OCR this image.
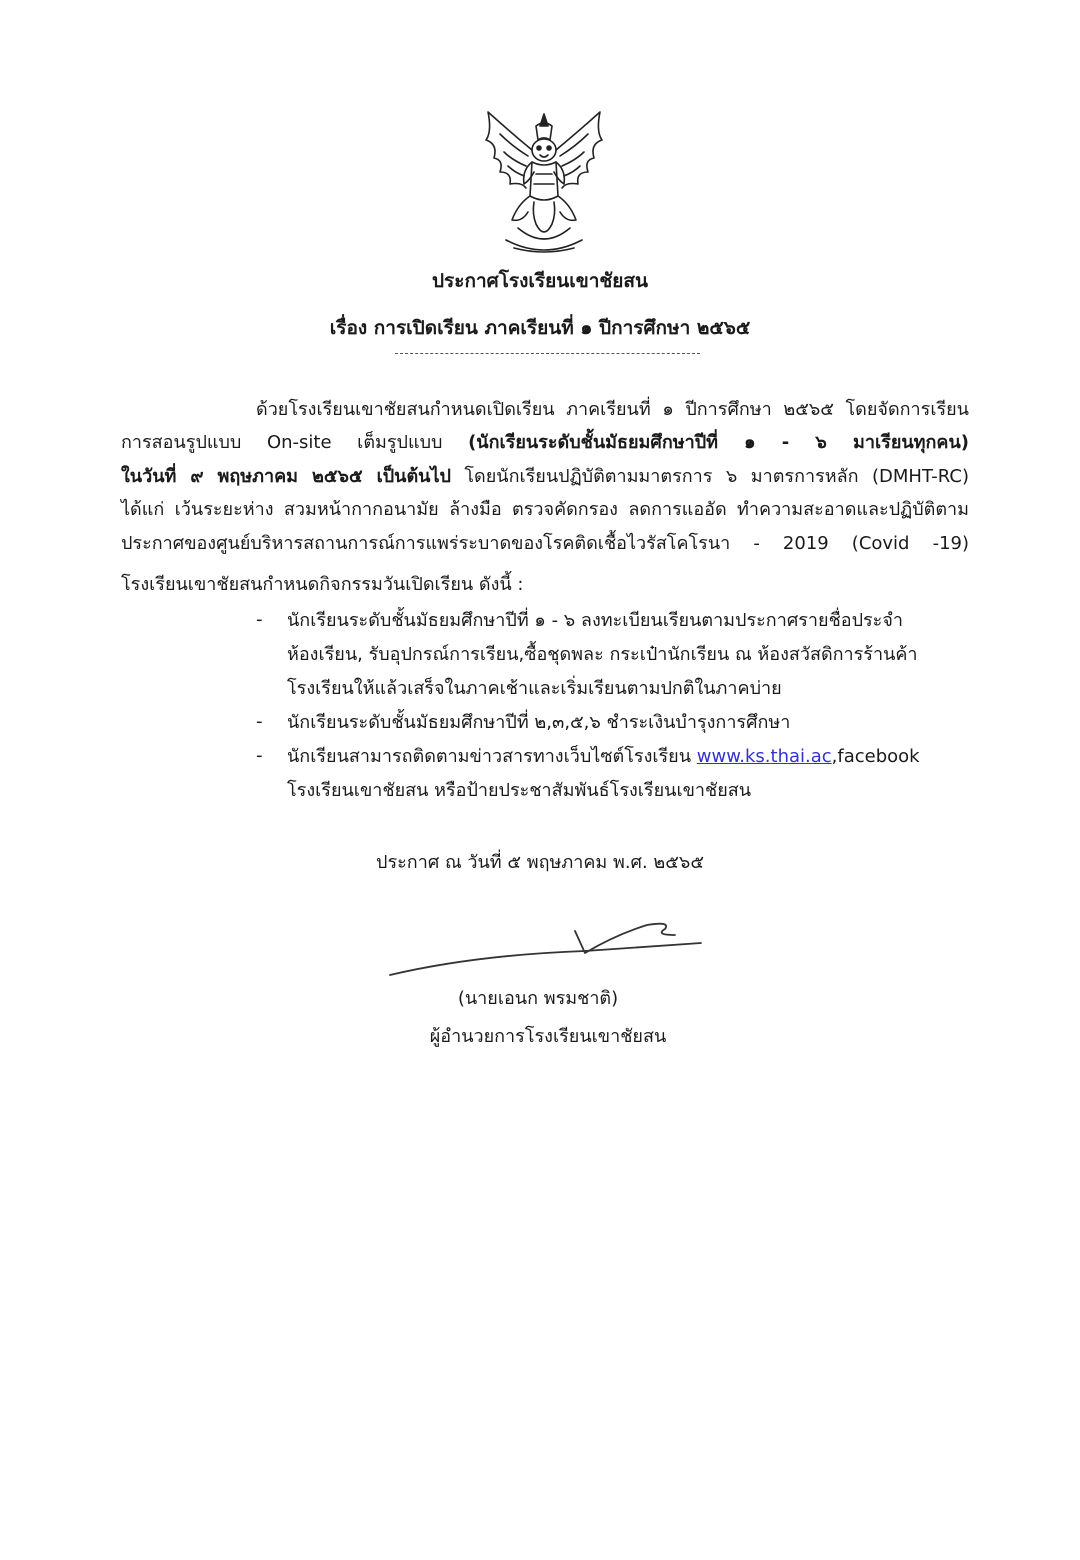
ประกาศโรงเรียนเขาชัยสน
เรื่อง การเปิดเรียน ภาคเรียนที่ ๑ ปีการศึกษา ๒๕๖๕
ด้วยโรงเรียนเขาชัยสนกำหนดเปิดเรียน ภาคเรียนที่ ๑ ปีการศึกษา ๒๕๖๕ โดยจัดการเรียน
การสอนรูปแบบ On-site เต็มรูปแบบ (นักเรียนระดับชั้นมัธยมศึกษาปีที่ ๑ - ๖ มาเรียนทุกคน)
ในวันที่ ๙ พฤษภาคม ๒๕๖๕ เป็นต้นไป โดยนักเรียนปฏิบัติตามมาตรการ ๖ มาตรการหลัก (DMHT-RC)
ได้แก่ เว้นระยะห่าง สวมหน้ากากอนามัย ล้างมือ ตรวจคัดกรอง ลดการแออัด ทำความสะอาดและปฏิบัติตาม
ประกาศของศูนย์บริหารสถานการณ์การแพร่ระบาดของโรคติดเชื้อไวรัสโคโรนา - 2019 (Covid -19)
โรงเรียนเขาชัยสนกำหนดกิจกรรมวันเปิดเรียน ดังนี้ :
- นักเรียนระดับชั้นมัธยมศึกษาปีที่ ๑ - ๖ ลงทะเบียนเรียนตามประกาศรายชื่อประจำ
ห้องเรียน, รับอุปกรณ์การเรียน,ซื้อชุดพละ กระเป๋านักเรียน ณ ห้องสวัสดิการร้านค้า
โรงเรียนให้แล้วเสร็จในภาคเช้าและเริ่มเรียนตามปกติในภาคบ่าย
- นักเรียนระดับชั้นมัธยมศึกษาปีที่ ๒,๓,๕,๖ ชำระเงินบำรุงการศึกษา
- นักเรียนสามารถติดตามข่าวสารทางเว็บไซต์โรงเรียน www.ks.thai.ac,facebook
โรงเรียนเขาชัยสน หรือป้ายประชาสัมพันธ์โรงเรียนเขาชัยสน
ประกาศ ณ วันที่ ๕ พฤษภาคม พ.ศ. ๒๕๖๕
(นายเอนก พรมชาติ)
ผู้อำนวยการโรงเรียนเขาชัยสน
